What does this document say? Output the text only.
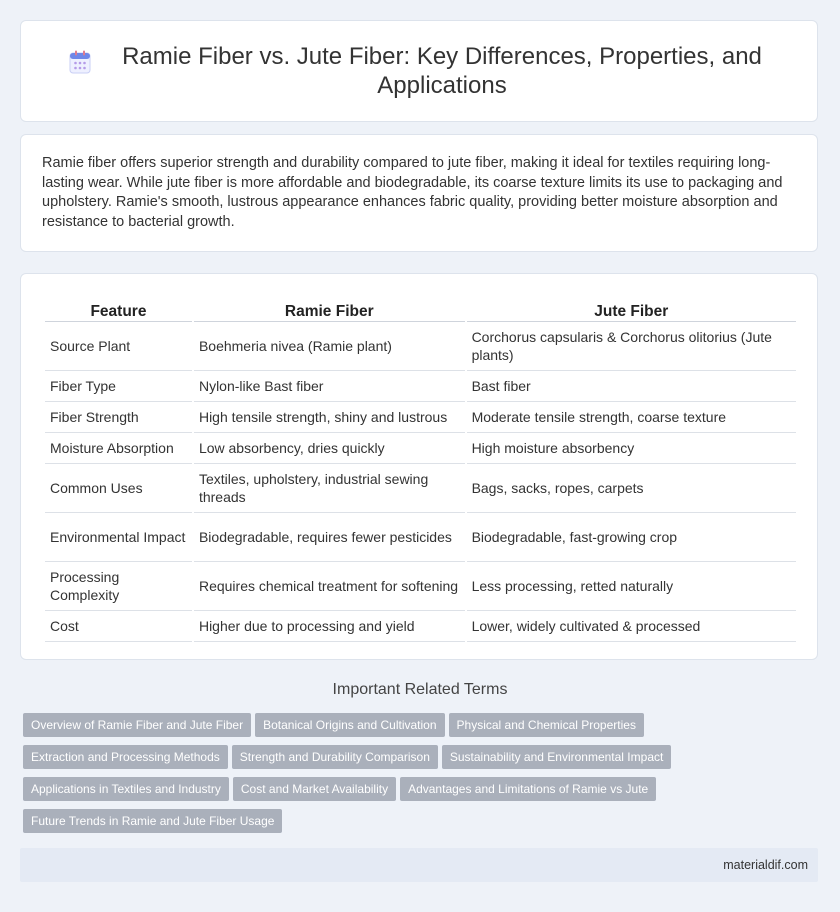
Ramie Fiber vs. Jute Fiber: Key Differences, Properties, and Applications

Ramie fiber offers superior strength and durability compared to jute fiber, making it ideal for textiles requiring long-lasting wear. While jute fiber is more affordable and biodegradable, its coarse texture limits its use to packaging and upholstery. Ramie's smooth, lustrous appearance enhances fabric quality, providing better moisture absorption and resistance to bacterial growth.

Feature	Ramie Fiber	Jute Fiber
Source Plant	Boehmeria nivea (Ramie plant)	Corchorus capsularis & Corchorus olitorius (Jute plants)
Fiber Type	Nylon-like Bast fiber	Bast fiber
Fiber Strength	High tensile strength, shiny and lustrous	Moderate tensile strength, coarse texture
Moisture Absorption	Low absorbency, dries quickly	High moisture absorbency
Common Uses	Textiles, upholstery, industrial sewing threads	Bags, sacks, ropes, carpets
Environmental Impact	Biodegradable, requires fewer pesticides	Biodegradable, fast-growing crop
Processing Complexity	Requires chemical treatment for softening	Less processing, retted naturally
Cost	Higher due to processing and yield	Lower, widely cultivated & processed
Important Related Terms
Overview of Ramie Fiber and Jute Fiber Botanical Origins and Cultivation Physical and Chemical Properties
Extraction and Processing Methods Strength and Durability Comparison Sustainability and Environmental Impact
Applications in Textiles and Industry Cost and Market Availability Advantages and Limitations of Ramie vs Jute
Future Trends in Ramie and Jute Fiber Usage
materialdif.com
